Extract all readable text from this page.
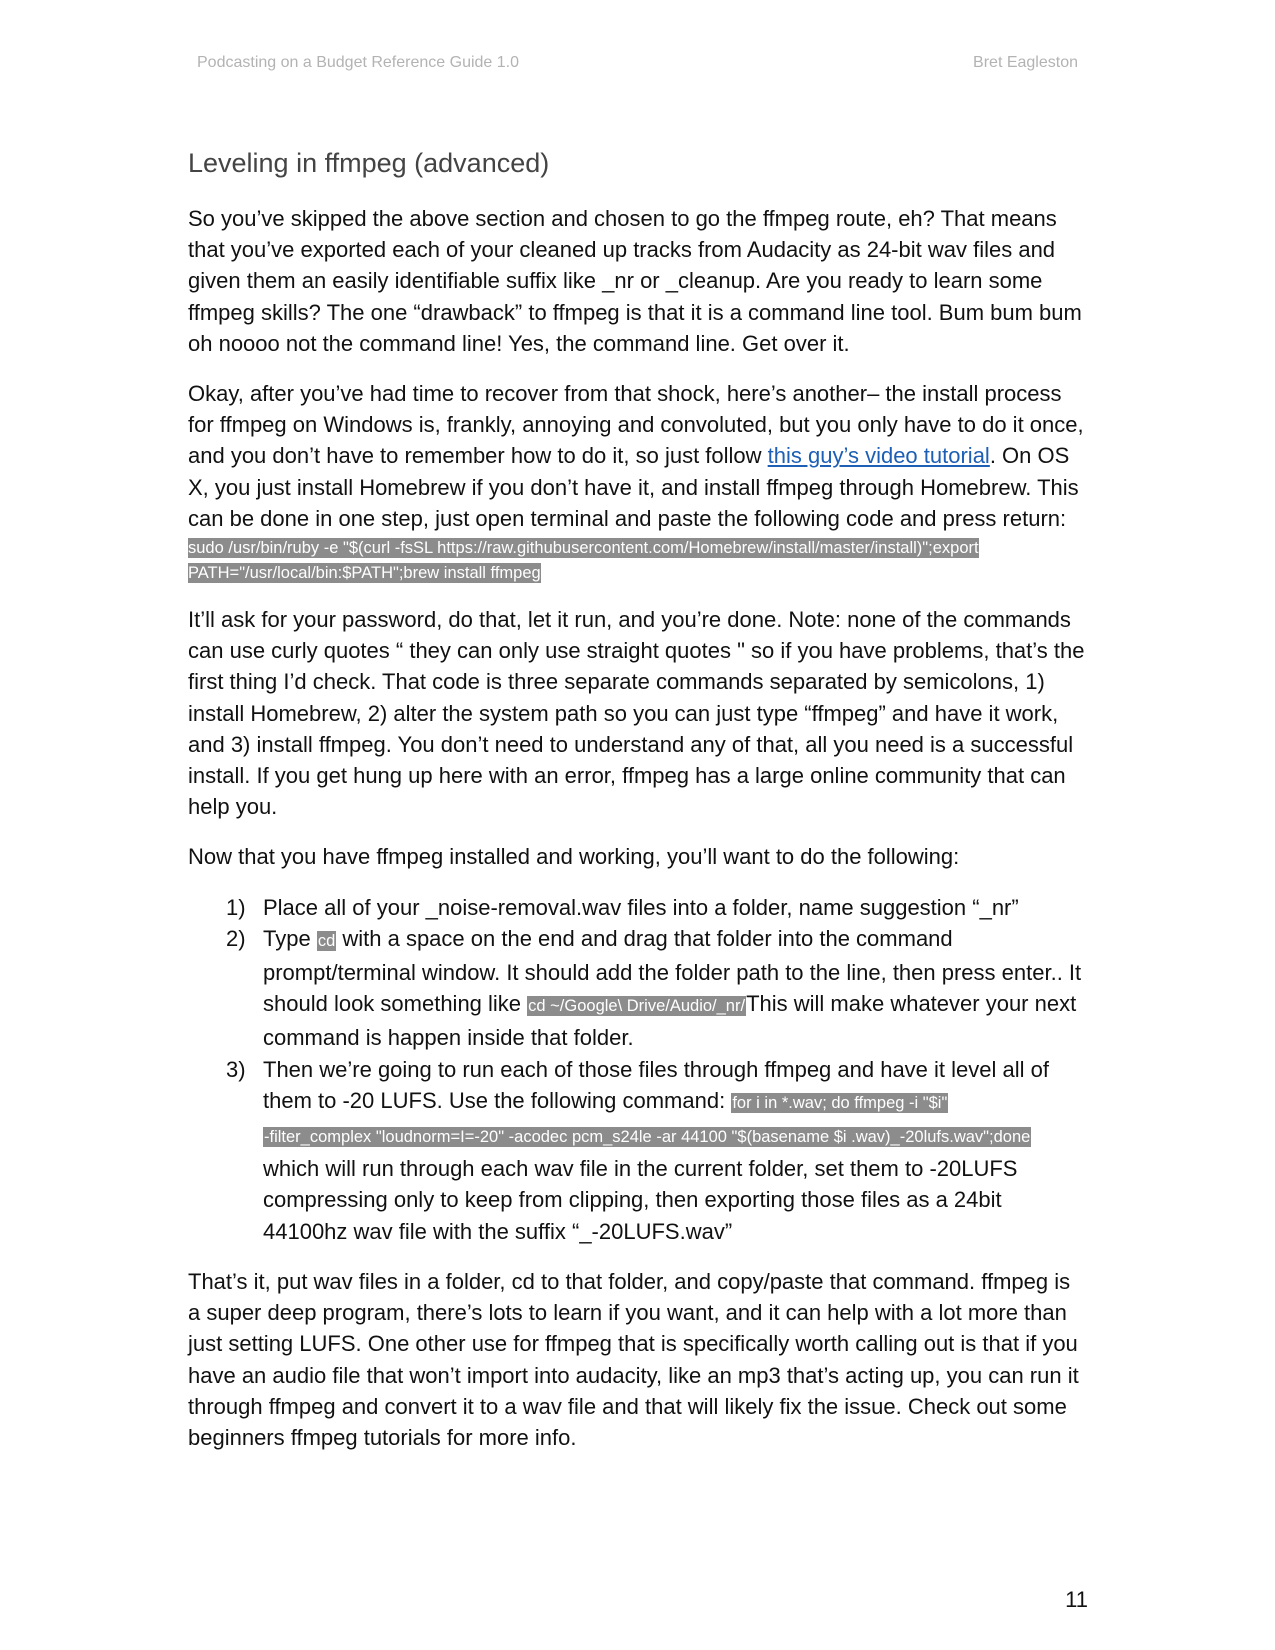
Podcasting on a Budget Reference Guide 1.0	Bret Eagleston
Leveling in ffmpeg (advanced)

So you’ve skipped the above section and chosen to go the ffmpeg route, eh? That means that you’ve exported each of your cleaned up tracks from Audacity as 24-bit wav files and given them an easily identifiable suffix like _nr or _cleanup. Are you ready to learn some ffmpeg skills? The one “drawback” to ffmpeg is that it is a command line tool. Bum bum bum oh noooo not the command line! Yes, the command line. Get over it.

Okay, after you’ve had time to recover from that shock, here’s another– the install process for ffmpeg on Windows is, frankly, annoying and convoluted, but you only have to do it once, and you don’t have to remember how to do it, so just follow this guy’s video tutorial. On OS X, you just install Homebrew if you don’t have it, and install ffmpeg through Homebrew. This can be done in one step, just open terminal and paste the following code and press return:
sudo /usr/bin/ruby -e "$(curl -fsSL https://raw.githubusercontent.com/Homebrew/install/master/install)";export
PATH="/usr/local/bin:$PATH";brew install ffmpeg

It’ll ask for your password, do that, let it run, and you’re done. Note: none of the commands can use curly quotes “ they can only use straight quotes " so if you have problems, that’s the first thing I’d check. That code is three separate commands separated by semicolons, 1) install Homebrew, 2) alter the system path so you can just type “ffmpeg” and have it work, and 3) install ffmpeg. You don’t need to understand any of that, all you need is a successful install. If you get hung up here with an error, ffmpeg has a large online community that can help you.

Now that you have ffmpeg installed and working, you’ll want to do the following:

1) Place all of your _noise-removal.wav files into a folder, name suggestion “_nr”
2) Type cd with a space on the end and drag that folder into the command prompt/terminal window. It should add the folder path to the line, then press enter.. It should look something like cd ~/Google\ Drive/Audio/_nr/This will make whatever your next command is happen inside that folder.
3) Then we’re going to run each of those files through ffmpeg and have it level all of them to -20 LUFS. Use the following command: for i in *.wav; do ffmpeg -i "$i"
-filter_complex "loudnorm=I=-20" -acodec pcm_s24le -ar 44100 "$(basename $i .wav)_-20lufs.wav";done
which will run through each wav file in the current folder, set them to -20LUFS compressing only to keep from clipping, then exporting those files as a 24bit 44100hz wav file with the suffix “_-20LUFS.wav”

That’s it, put wav files in a folder, cd to that folder, and copy/paste that command. ffmpeg is a super deep program, there’s lots to learn if you want, and it can help with a lot more than just setting LUFS. One other use for ffmpeg that is specifically worth calling out is that if you have an audio file that won’t import into audacity, like an mp3 that’s acting up, you can run it through ffmpeg and convert it to a wav file and that will likely fix the issue. Check out some beginners ffmpeg tutorials for more info.

11
